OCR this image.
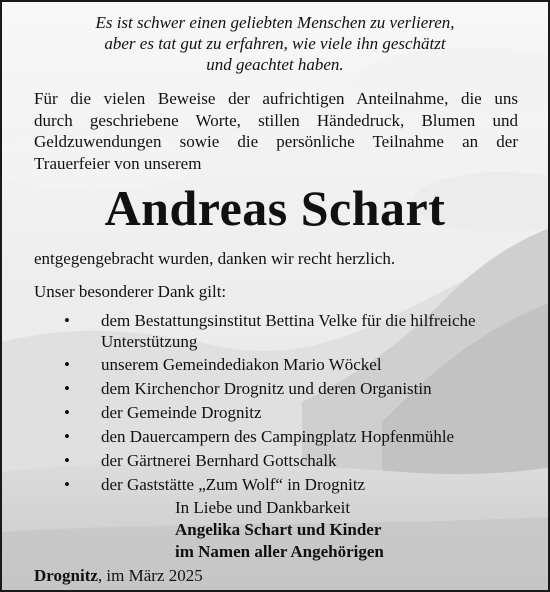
Es ist schwer einen geliebten Menschen zu verlieren,
aber es tat gut zu erfahren, wie viele ihn geschätzt
und geachtet haben.
Für die vielen Beweise der aufrichtigen Anteilnahme, die uns
durch geschriebene Worte, stillen Händedruck, Blumen und
Geldzuwendungen sowie die persönliche Teilnahme an der
Trauerfeier von unserem
Andreas Schart
entgegengebracht wurden, danken wir recht herzlich.
Unser besonderer Dank gilt:
• dem Bestattungsinstitut Bettina Velke für die hilfreiche
Unterstützung
• unserem Gemeindediakon Mario Wöckel
• dem Kirchenchor Drognitz und deren Organistin
• der Gemeinde Drognitz
• den Dauercampern des Campingplatz Hopfenmühle
• der Gärtnerei Bernhard Gottschalk
• der Gaststätte „Zum Wolf“ in Drognitz
In Liebe und Dankbarkeit
Angelika Schart und Kinder
im Namen aller Angehörigen
Drognitz, im März 2025
